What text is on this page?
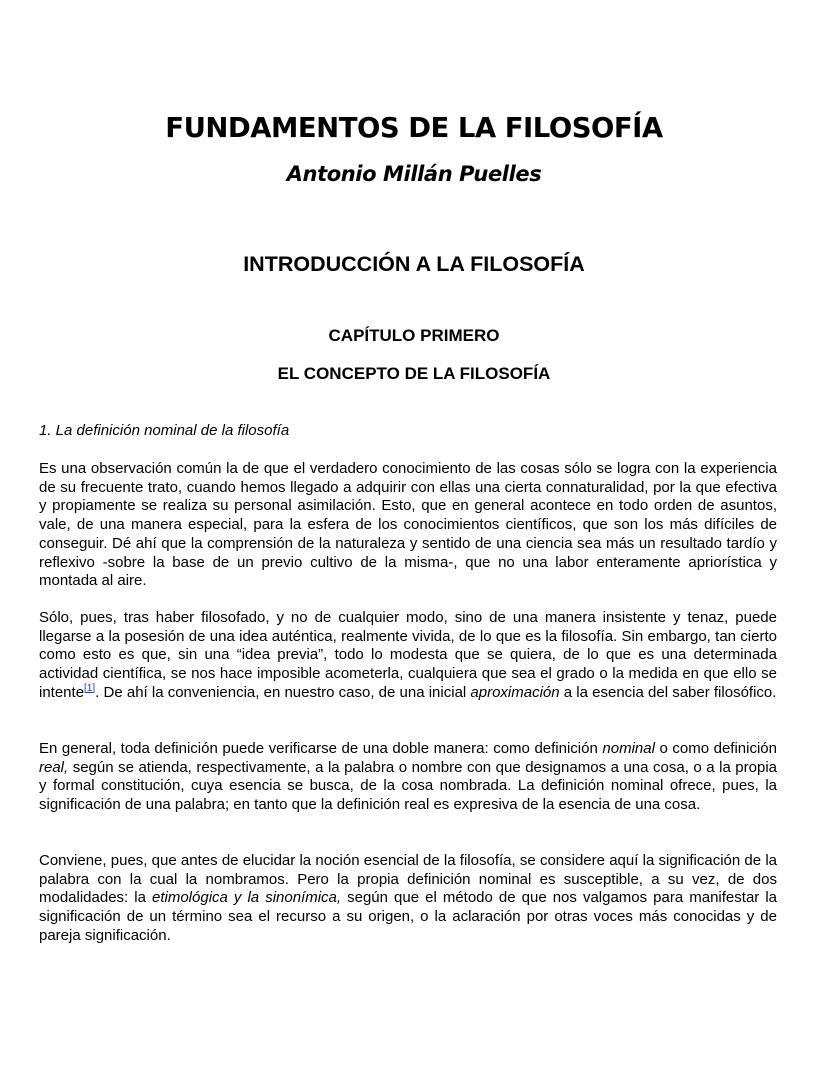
FUNDAMENTOS DE LA FILOSOFÍA
Antonio Millán Puelles
INTRODUCCIÓN A LA FILOSOFÍA
CAPÍTULO PRIMERO
EL CONCEPTO DE LA FILOSOFÍA
1. La definición nominal de la filosofía

Es una observación común la de que el verdadero conocimiento de las cosas sólo se logra con la experiencia de su frecuente trato, cuando hemos llegado a adquirir con ellas una cierta connaturalidad, por la que efectiva y propiamente se realiza su personal asimilación. Esto, que en general acontece en todo orden de asuntos, vale, de una manera especial, para la esfera de los conocimientos científicos, que son los más difíciles de conseguir. Dé ahí que la comprensión de la naturaleza y sentido de una ciencia sea más un resultado tardío y reflexivo -sobre la base de un previo cultivo de la misma-, que no una labor enteramente apriorística y montada al aire.

Sólo, pues, tras haber filosofado, y no de cualquier modo, sino de una manera insistente y tenaz, puede llegarse a la posesión de una idea auténtica, realmente vivida, de lo que es la filosofía. Sin embargo, tan cierto como esto es que, sin una “idea previa”, todo lo modesta que se quiera, de lo que es una determinada actividad científica, se nos hace imposible acometerla, cualquiera que sea el grado o la medida en que ello se intente[1]. De ahí la conveniencia, en nuestro caso, de una inicial aproximación a la esencia del saber filosófico.

En general, toda definición puede verificarse de una doble manera: como definición nominal o como definición real, según se atienda, respectivamente, a la palabra o nombre con que designamos a una cosa, o a la propia y formal constitución, cuya esencia se busca, de la cosa nombrada. La definición nominal ofrece, pues, la significación de una palabra; en tanto que la definición real es expresiva de la esencia de una cosa.

Conviene, pues, que antes de elucidar la noción esencial de la filosofía, se considere aquí la significación de la palabra con la cual la nombramos. Pero la propia definición nominal es susceptible, a su vez, de dos modalidades: la etimológica y la sinonímica, según que el método de que nos valgamos para manifestar la significación de un término sea el recurso a su origen, o la aclaración por otras voces más conocidas y de pareja significación.
